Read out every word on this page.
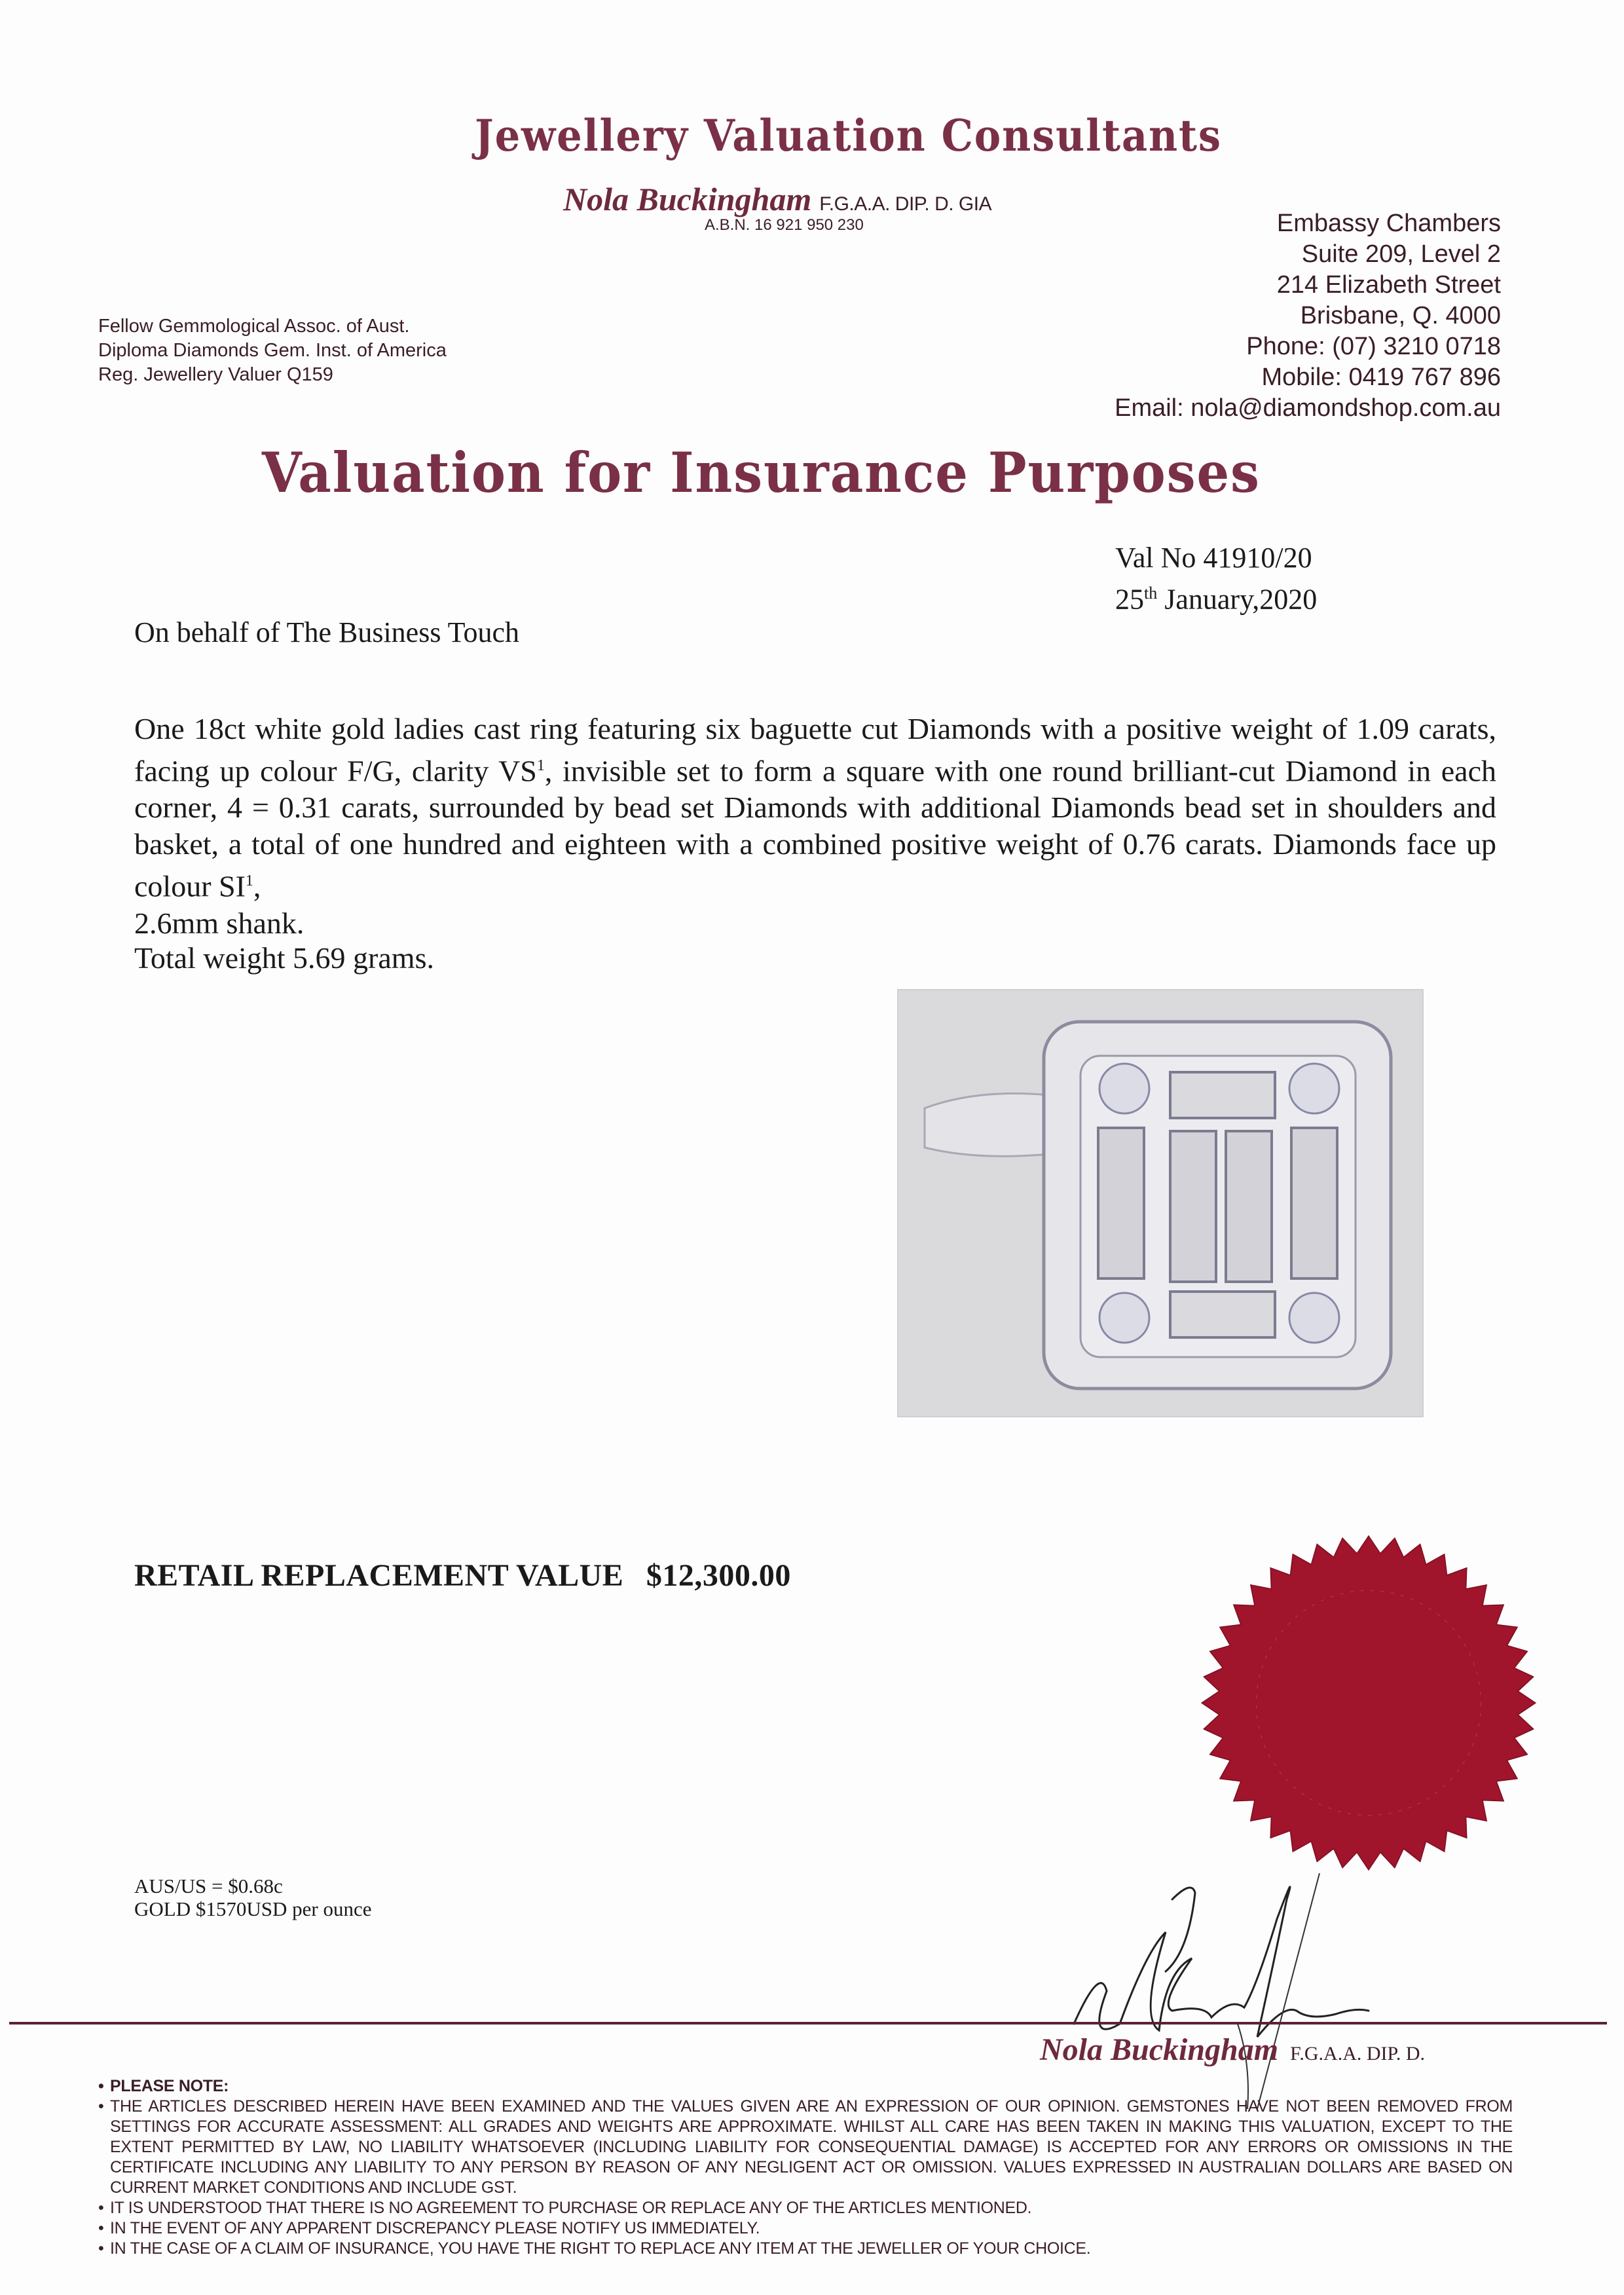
Jewellery Valuation Consultants
Nola Buckingham F.G.A.A. DIP. D. GIA
A.B.N. 16 921 950 230
Fellow Gemmological Assoc. of Aust.
Diploma Diamonds Gem. Inst. of America
Reg. Jewellery Valuer Q159
Embassy Chambers
Suite 209, Level 2
214 Elizabeth Street
Brisbane, Q. 4000
Phone: (07) 3210 0718
Mobile: 0419 767 896
Email: nola@diamondshop.com.au
Valuation for Insurance Purposes
Val No 41910/20
25th January,2020
On behalf of The Business Touch
One 18ct white gold ladies cast ring featuring six baguette cut Diamonds with a positive weight of 1.09 carats, facing up colour F/G, clarity $VS^1$, invisible set to form a square with one round brilliant-cut Diamond in each corner, 4 = 0.31 carats, surrounded by bead set Diamonds with additional Diamonds bead set in shoulders and basket, a total of one hundred and eighteen with a combined positive weight of 0.76 carats. Diamonds face up colour $SI^1$,
2.6mm shank.
Total weight 5.69 grams.
RETAIL REPLACEMENT VALUE $12,300.00
AUS/US = $0.68c
GOLD $1570USD per ounce
Nola Buckingham F.G.A.A. DIP. D.
• PLEASE NOTE:
• THE ARTICLES DESCRIBED HEREIN HAVE BEEN EXAMINED AND THE VALUES GIVEN ARE AN EXPRESSION OF OUR OPINION. GEMSTONES HAVE NOT BEEN REMOVED FROM SETTINGS FOR ACCURATE ASSESSMENT: ALL GRADES AND WEIGHTS ARE APPROXIMATE. WHILST ALL CARE HAS BEEN TAKEN IN MAKING THIS VALUATION, EXCEPT TO THE EXTENT PERMITTED BY LAW, NO LIABILITY WHATSOEVER (INCLUDING LIABILITY FOR CONSEQUENTIAL DAMAGE) IS ACCEPTED FOR ANY ERRORS OR OMISSIONS IN THE CERTIFICATE INCLUDING ANY LIABILITY TO ANY PERSON BY REASON OF ANY NEGLIGENT ACT OR OMISSION. VALUES EXPRESSED IN AUSTRALIAN DOLLARS ARE BASED ON CURRENT MARKET CONDITIONS AND INCLUDE GST.
• IT IS UNDERSTOOD THAT THERE IS NO AGREEMENT TO PURCHASE OR REPLACE ANY OF THE ARTICLES MENTIONED.
• IN THE EVENT OF ANY APPARENT DISCREPANCY PLEASE NOTIFY US IMMEDIATELY.
• IN THE CASE OF A CLAIM OF INSURANCE, YOU HAVE THE RIGHT TO REPLACE ANY ITEM AT THE JEWELLER OF YOUR CHOICE.
